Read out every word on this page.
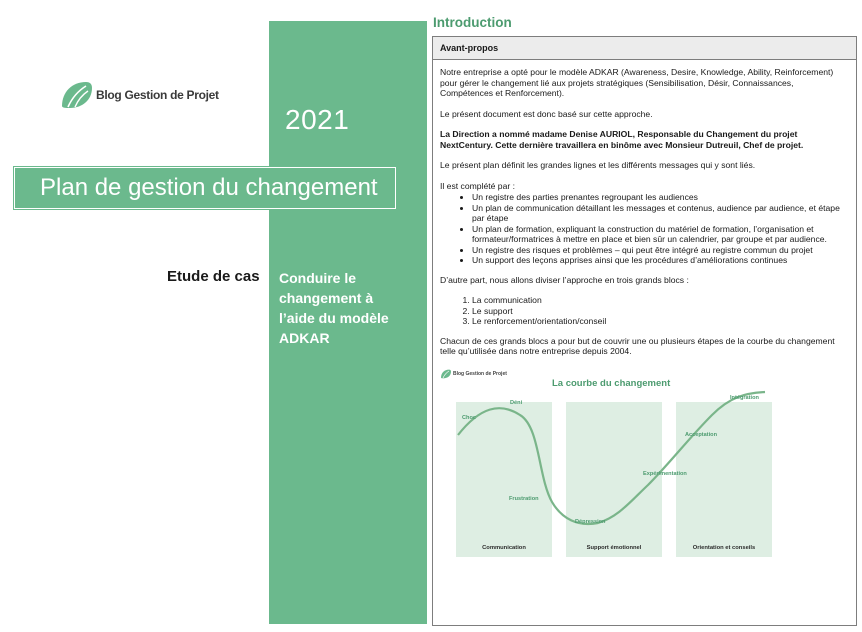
Blog Gestion de Projet
2021
Plan de gestion du changement
Etude de cas Conduire le
changement à
l’aide du modèle
ADKAR
Introduction
Avant-propos

Notre entreprise a opté pour le modèle ADKAR (Awareness, Desire, Knowledge, Ability, Reinforcement) pour gérer le changement lié aux projets stratégiques (Sensibilisation, Désir, Connaissances, Compétences et Renforcement).

Le présent document est donc basé sur cette approche.

La Direction a nommé madame Denise AURIOL, Responsable du Changement du projet NextCentury. Cette dernière travaillera en binôme avec Monsieur Dutreuil, Chef de projet.

Le présent plan définit les grandes lignes et les différents messages qui y sont liés.

Il est complété par :

• Un registre des parties prenantes regroupant les audiences
• Un plan de communication détaillant les messages et contenus, audience par audience, et étape par étape
• Un plan de formation, expliquant la construction du matériel de formation, l’organisation et formateur/formatrices à mettre en place et bien sûr un calendrier, par groupe et par audience.
• Un registre des risques et problèmes – qui peut être intégré au registre commun du projet
• Un support des leçons apprises ainsi que les procédures d’améliorations continues

D’autre part, nous allons diviser l’approche en trois grands blocs :

1. La communication
2. Le support
3. Le renforcement/orientation/conseil

Chacun de ces grands blocs a pour but de couvrir une ou plusieurs étapes de la courbe du changement telle qu’utilisée dans notre entreprise depuis 2004.

Blog Gestion de Projet
La courbe du changement
Communication	Support émotionnel	Orientation et conseils
Choc
Déni
Frustration
Dépression
Expérimentation
Acceptation
Intégration
